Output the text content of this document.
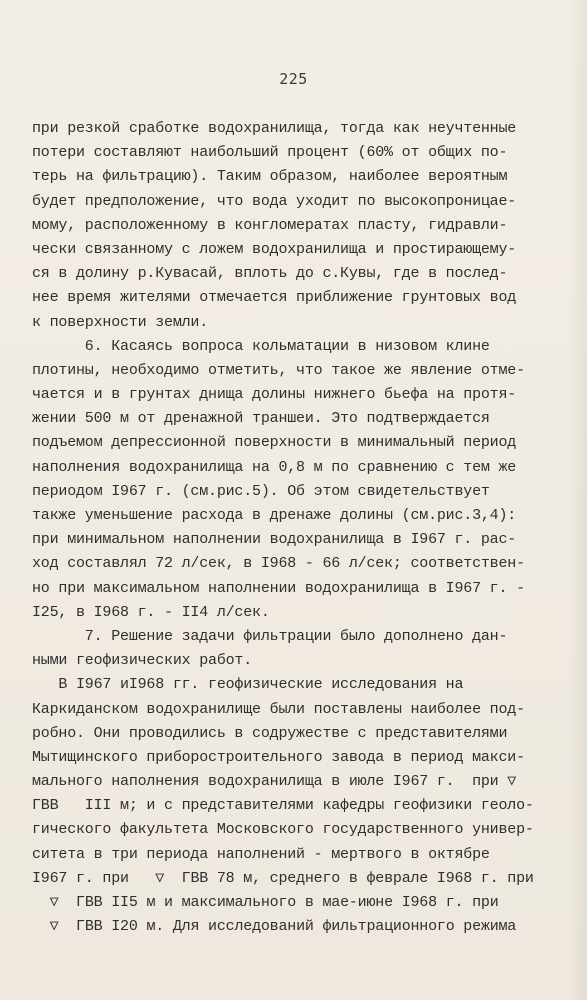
225
при резкой сработке водохранилища, тогда как неучтенные
потери составляют наибольший процент (60% от общих по-
терь на фильтрацию). Таким образом, наиболее вероятным
будет предположение, что вода уходит по высокопроницае-
мому, расположенному в конгломератах пласту, гидравли-
чески связанному с ложем водохранилища и простирающему-
ся в долину р.Кувасай, вплоть до с.Кувы, где в послед-
нее время жителями отмечается приближение грунтовых вод
к поверхности земли.
6. Касаясь вопроса кольматации в низовом клине
плотины, необходимо отметить, что такое же явление отме-
чается и в грунтах днища долины нижнего бьефа на протя-
жении 500 м от дренажной траншеи. Это подтверждается
подъемом депрессионной поверхности в минимальный период
наполнения водохранилища на 0,8 м по сравнению с тем же
периодом I967 г. (см.рис.5). Об этом свидетельствует
также уменьшение расхода в дренаже долины (см.рис.3,4):
при минимальном наполнении водохранилища в I967 г. рас-
ход составлял 72 л/сек, в I968 - 66 л/сек; соответствен-
но при максимальном наполнении водохранилища в I967 г. -
I25, в I968 г. - II4 л/сек.
7. Решение задачи фильтрации было дополнено дан-
ными геофизических работ.
В I967 иI968 гг. геофизические исследования на
Каркиданском водохранилище были поставлены наиболее под-
робно. Они проводились в содружестве с представителями
Мытищинского приборостроительного завода в период макси-
мального наполнения водохранилища в июле I967 г.  при ▽
ГВВ   III м; и с представителями кафедры геофизики геоло-
гического факультета Московского государственного универ-
ситета в три периода наполнений - мертвого в октябре
I967 г. при   ▽  ГВВ 78 м, среднего в феврале I968 г. при
▽  ГВВ II5 м и максимального в мае-июне I968 г. при
▽  ГВВ I20 м. Для исследований фильтрационного режима
